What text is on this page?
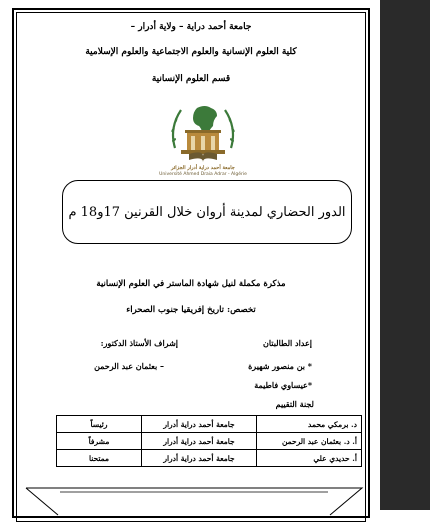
جامعة أحمد دراية – ولاية أدرار –
كلية العلوم الإنسانية والعلوم الاجتماعية والعلوم الإسلامية
قسم العلوم الإنسانية
جامعة أحمد دراية أدرار الجزائر
Université Ahmed Draia Adrar - Algérie
الدور الحضاري لمدينة أروان خلال القرنين 17و18 م
مذكرة مكملة لنيل شهادة الماستر في العلوم الإنسانية
تخصص: تاريخ إفريقيا جنوب الصحراء
إعداد الطالبتان
إشراف الأستاذ الدكتور:
* بن منصور شهيرة
– بعثمان عبد الرحمن
*عيساوي فاطيمة
لجنة التقييم
د. برمكي محمد	جامعة أحمد دراية أدرار	رئيساً
أ. د. بعثمان عبد الرحمن	جامعة أحمد دراية أدرار	مشرفاً
أ. حديدي علي	جامعة أحمد دراية أدرار	ممتحنا
